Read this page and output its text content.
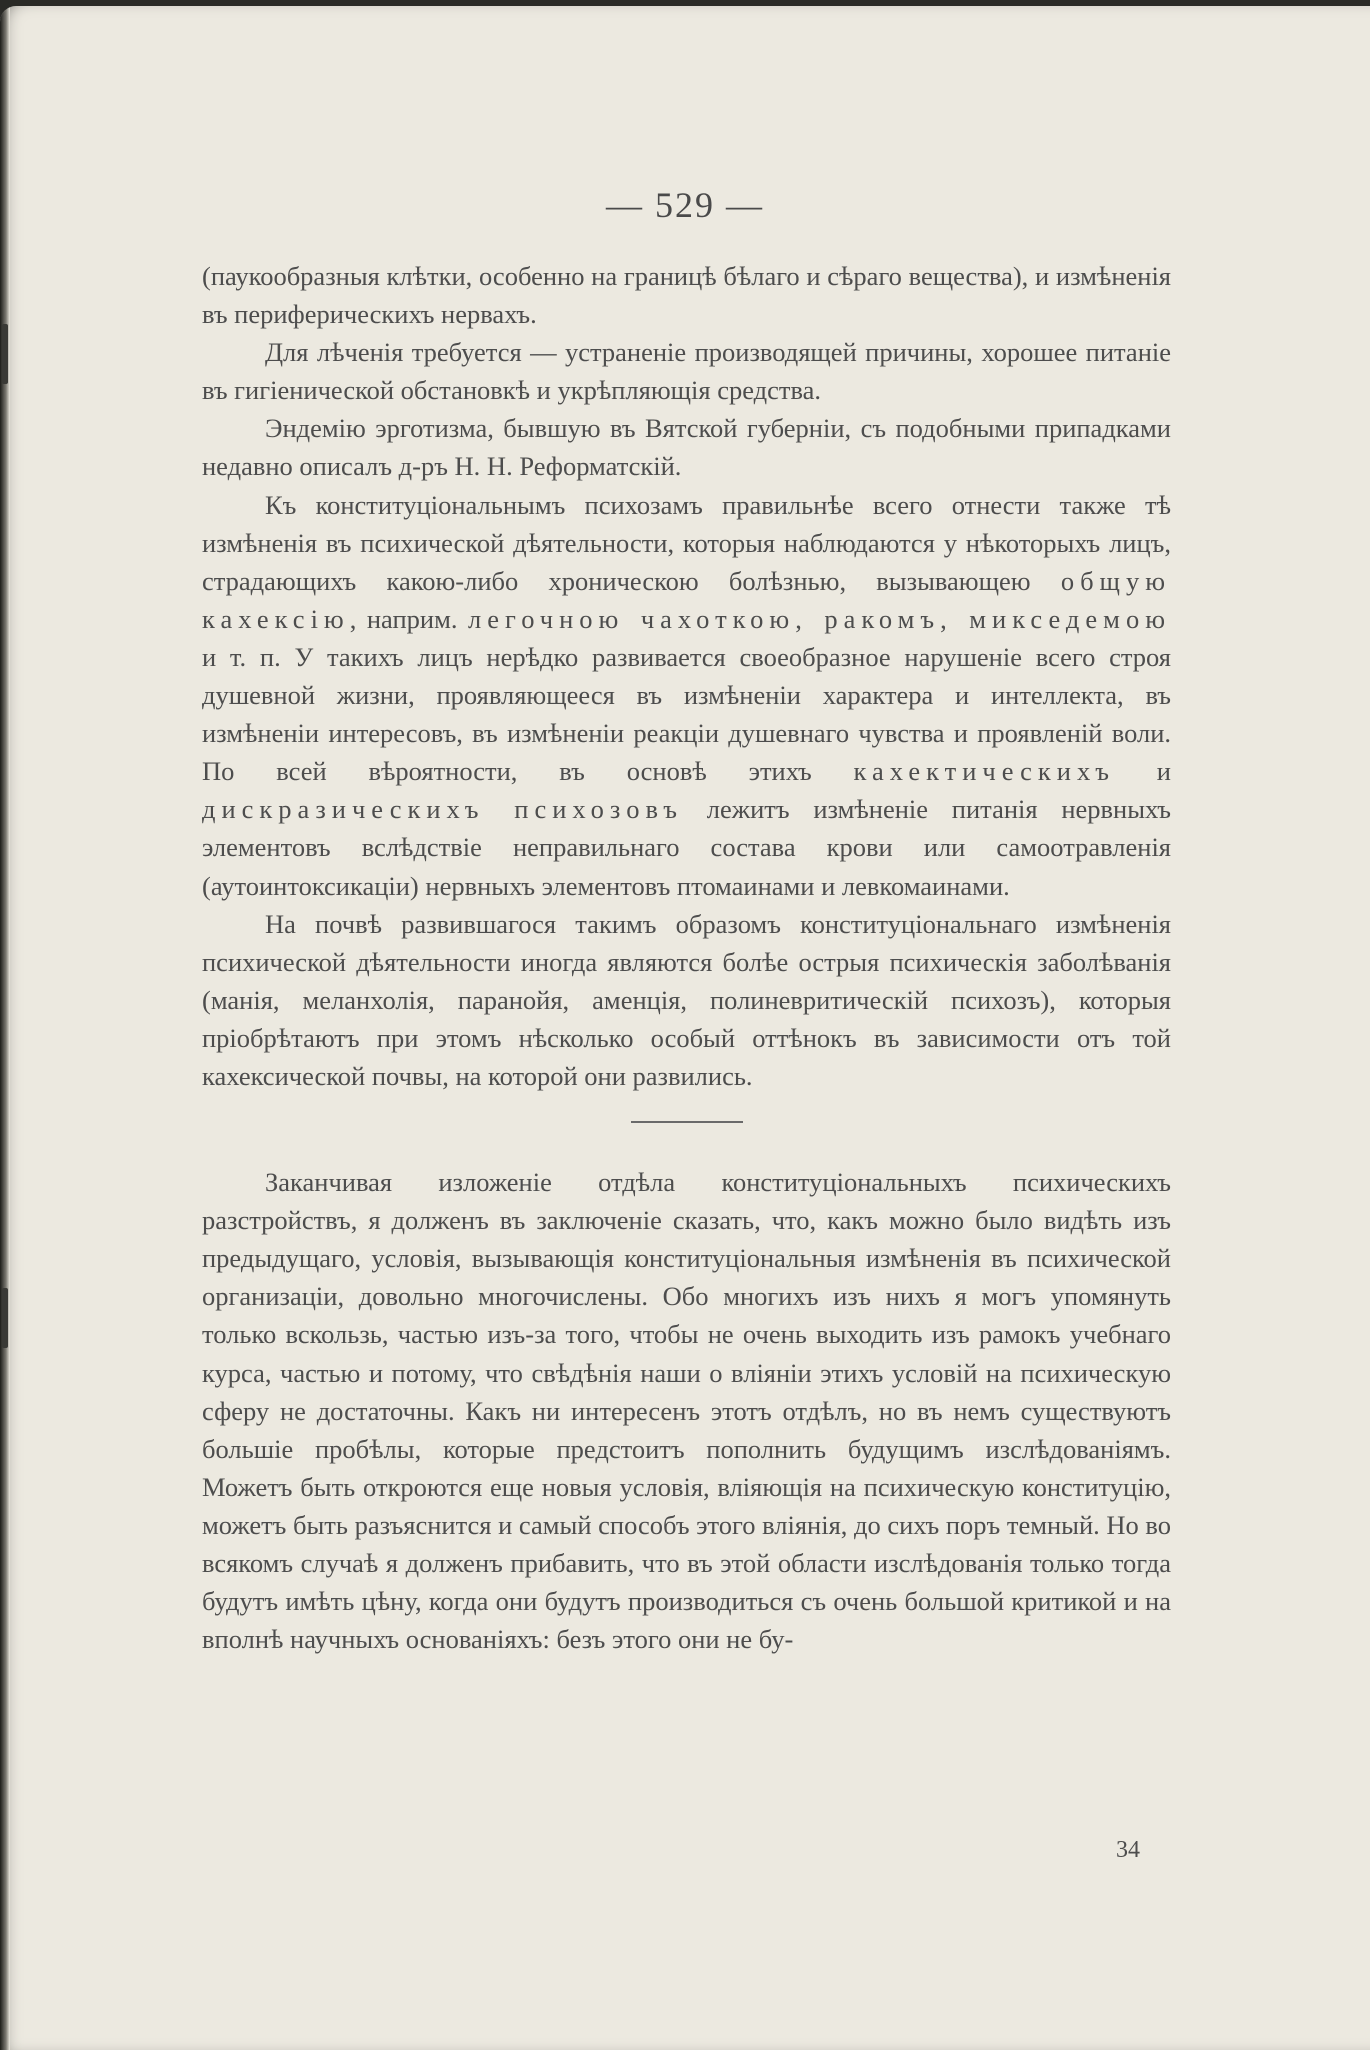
— 529 —

(паукообразныя клѣтки, особенно на границѣ бѣлаго и сѣраго вещества), и измѣненія въ периферическихъ нервахъ.

Для лѣченія требуется — устраненіе производящей причины, хорошее питаніе въ гигіенической обстановкѣ и укрѣпляющія средства.

Эндемію эрготизма, бывшую въ Вятской губерніи, съ подобными припадками недавно описалъ д-ръ Н. Н. Реформатскій.

Къ конституціональнымъ психозамъ правильнѣе всего отнести также тѣ измѣненія въ психической дѣятельности, которыя наблюдаются у нѣкоторыхъ лицъ, страдающихъ какою-либо хроническою болѣзнью, вызывающею общую кахексію, наприм. легочною чахоткою, ракомъ, микседемою и т. п. У такихъ лицъ нерѣдко развивается своеобразное нарушеніе всего строя душевной жизни, проявляющееся въ измѣненіи характера и интеллекта, въ измѣненіи интересовъ, въ измѣненіи реакціи душевнаго чувства и проявленій воли. По всей вѣроятности, въ основѣ этихъ кахектическихъ и дискразическихъ психозовъ лежитъ измѣненіе питанія нервныхъ элементовъ вслѣдствіе неправильнаго состава крови или самоотравленія (аутоинтоксикаціи) нервныхъ элементовъ птомаинами и левкомаинами.

На почвѣ развившагося такимъ образомъ конституціональнаго измѣненія психической дѣятельности иногда являются болѣе острыя психическія заболѣванія (манія, меланхолія, паранойя, аменція, полиневритическій психозъ), которыя пріобрѣтаютъ при этомъ нѣсколько особый оттѣнокъ въ зависимости отъ той кахексической почвы, на которой они развились.

Заканчивая изложеніе отдѣла конституціональныхъ психическихъ разстройствъ, я долженъ въ заключеніе сказать, что, какъ можно было видѣть изъ предыдущаго, условія, вызывающія конституціональныя измѣненія въ психической организаціи, довольно многочислены. Обо многихъ изъ нихъ я могъ упомянуть только вскользь, частью изъ-за того, чтобы не очень выходить изъ рамокъ учебнаго курса, частью и потому, что свѣдѣнія наши о вліяніи этихъ условій на психическую сферу не достаточны. Какъ ни интересенъ этотъ отдѣлъ, но въ немъ существуютъ большіе пробѣлы, которые предстоитъ пополнить будущимъ изслѣдованіямъ. Можетъ быть откроются еще новыя условія, вліяющія на психическую конституцію, можетъ быть разъяснится и самый способъ этого вліянія, до сихъ поръ темный. Но во всякомъ случаѣ я долженъ прибавить, что въ этой области изслѣдованія только тогда будутъ имѣть цѣну, когда они будутъ производиться съ очень большой критикой и на вполнѣ научныхъ основаніяхъ: безъ этого они не бу-

34
